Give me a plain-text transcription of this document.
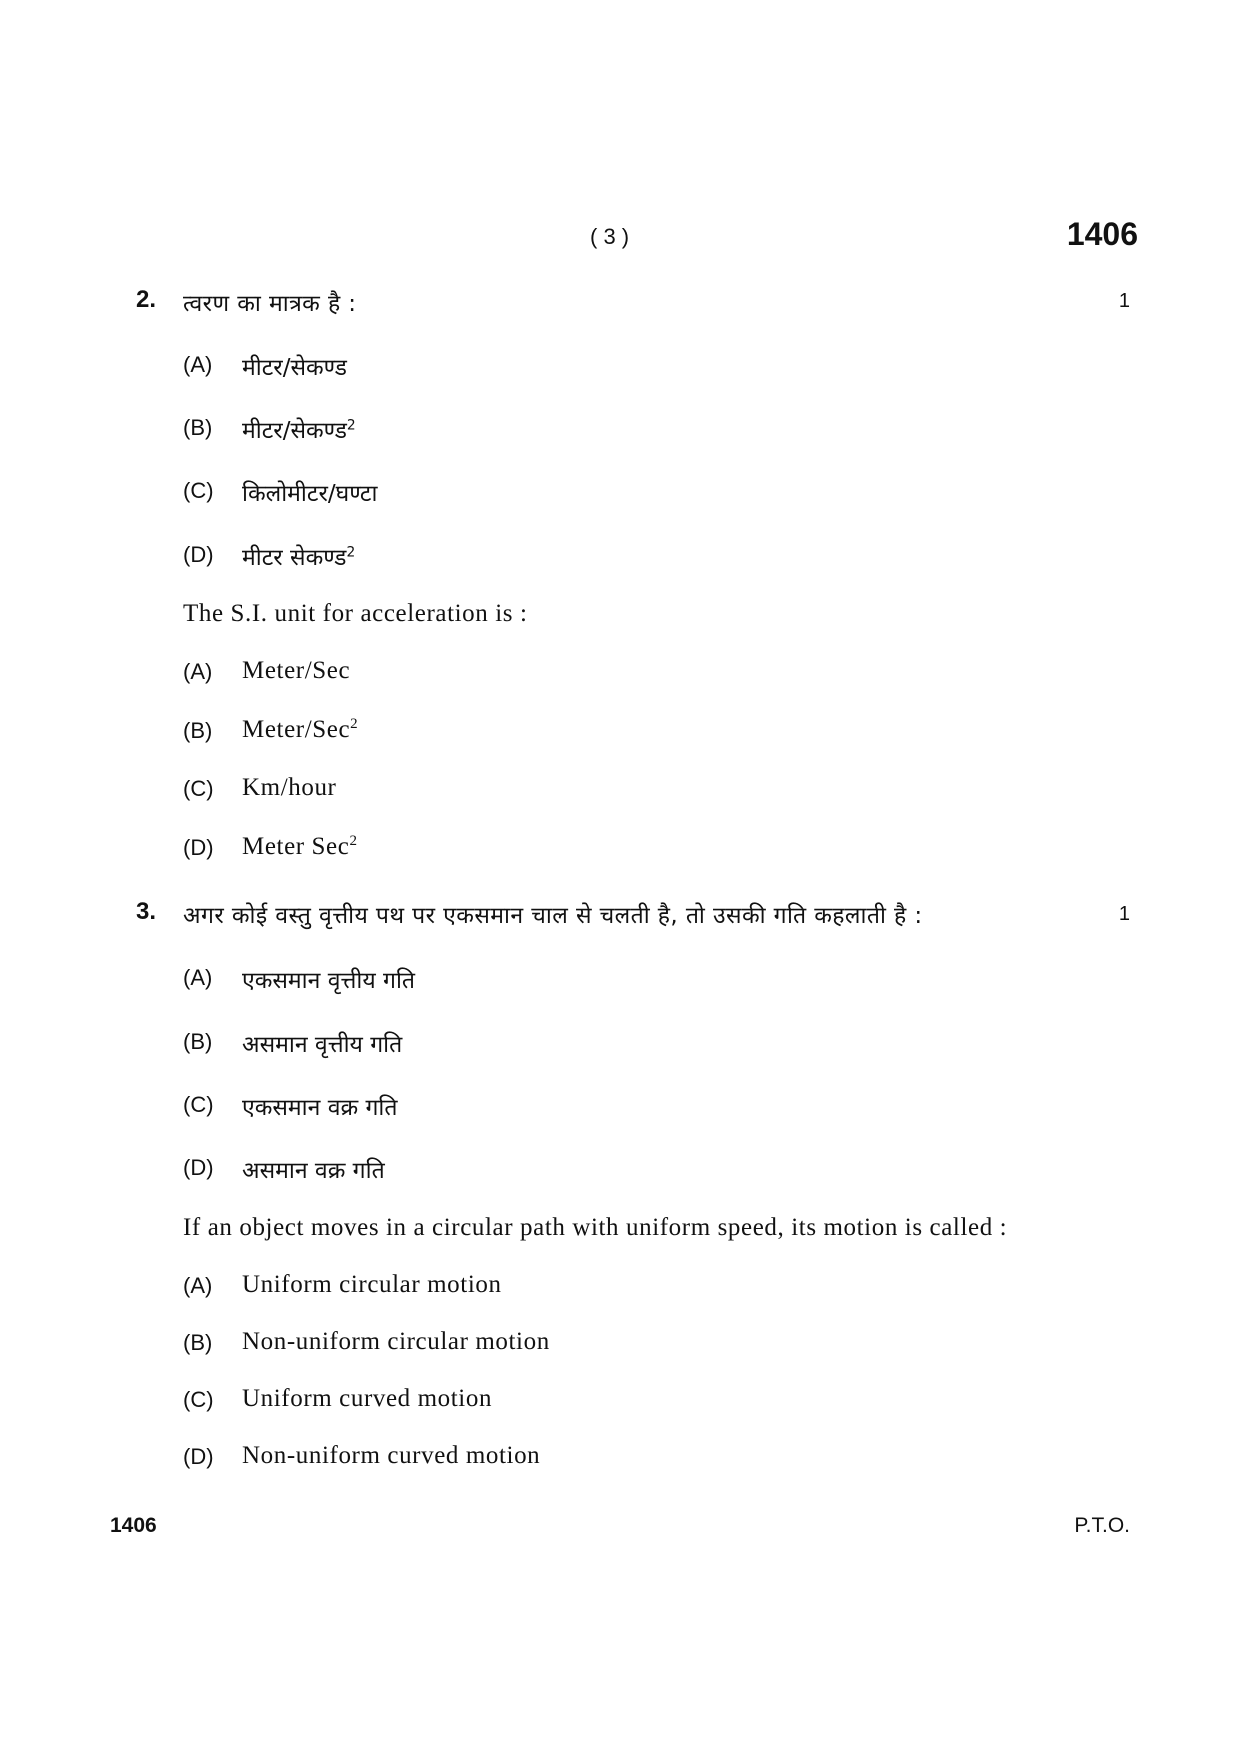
( 3 )	1406
2. त्वरण का मात्रक है :	1
(A) मीटर/सेकण्ड
(B) मीटर/सेकण्ड$^2$
(C) किलोमीटर/घण्टा
(D) मीटर सेकण्ड$^2$
The S.I. unit for acceleration is :
(A) Meter/Sec
(B) Meter/Sec$^2$
(C) Km/hour
(D) Meter Sec$^2$
3. अगर कोई वस्तु वृत्तीय पथ पर एकसमान चाल से चलती है, तो उसकी गति कहलाती है :	1
(A) एकसमान वृत्तीय गति
(B) असमान वृत्तीय गति
(C) एकसमान वक्र गति
(D) असमान वक्र गति
If an object moves in a circular path with uniform speed, its motion is called :
(A) Uniform circular motion
(B) Non-uniform circular motion
(C) Uniform curved motion
(D) Non-uniform curved motion
1406	P.T.O.
